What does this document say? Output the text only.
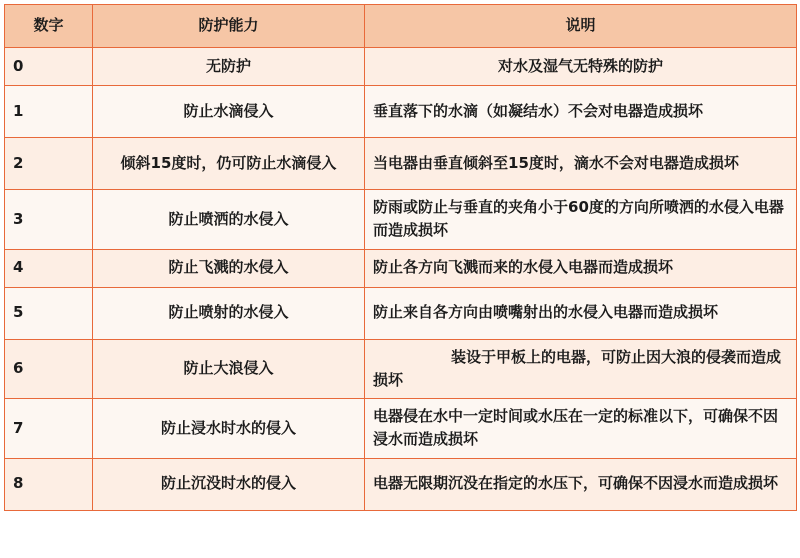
数字	防护能力	说明
0	无防护	对水及湿气无特殊的防护
1	防止水滴侵入	垂直落下的水滴（如凝结水）不会对电器造成损坏
2	倾斜15度时，仍可防止水滴侵入	当电器由垂直倾斜至15度时，滴水不会对电器造成损坏
3	防止喷洒的水侵入	防雨或防止与垂直的夹角小于60度的方向所喷洒的水侵入电器而造成损坏
4	防止飞溅的水侵入	防止各方向飞溅而来的水侵入电器而造成损坏
5	防止喷射的水侵入	防止来自各方向由喷嘴射出的水侵入电器而造成损坏
6	防止大浪侵入	装设于甲板上的电器，可防止因大浪的侵袭而造成损坏
7	防止浸水时水的侵入	电器侵在水中一定时间或水压在一定的标准以下，可确保不因浸水而造成损坏
8	防止沉没时水的侵入	电器无限期沉没在指定的水压下，可确保不因浸水而造成损坏
